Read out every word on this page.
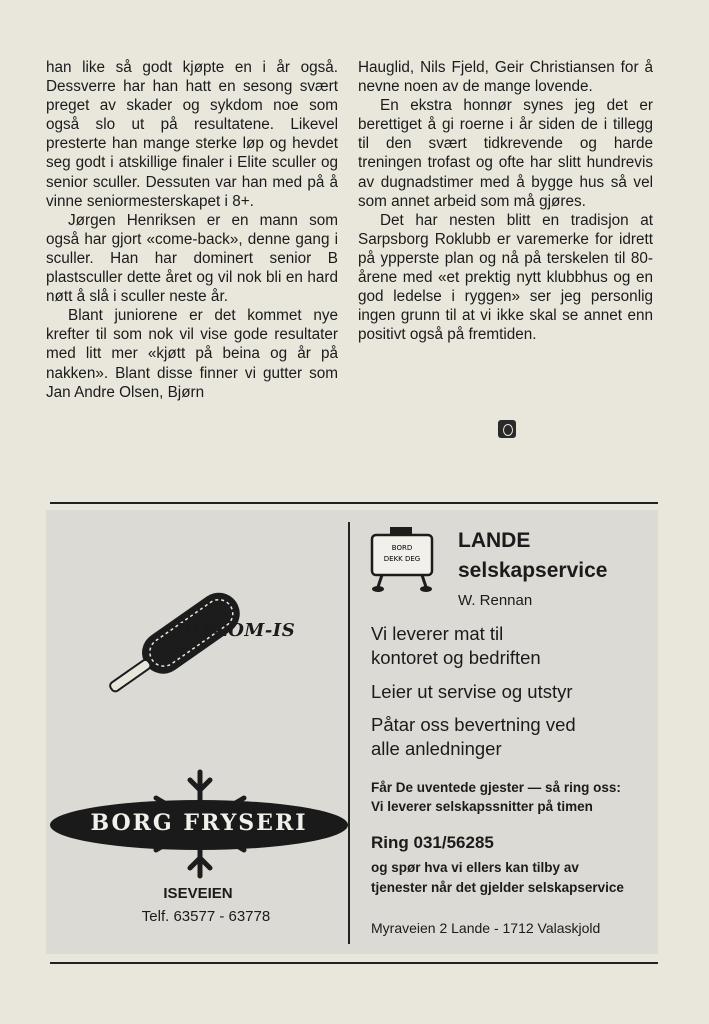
han like så godt kjøpte en i år også. Dessverre har han hatt en sesong svært preget av skader og sykdom noe som også slo ut på resultatene. Likevel presterte han mange sterke løp og hevdet seg godt i atskillige finaler i Elite sculler og senior sculler. Dessuten var han med på å vinne seniormesterskapet i 8+.

Jørgen Henriksen er en mann som også har gjort «come-back», denne gang i sculler. Han har dominert senior B plastsculler dette året og vil nok bli en hard nøtt å slå i sculler neste år.

Blant juniorene er det kommet nye krefter til som nok vil vise gode resultater med litt mer «kjøtt på beina og år på nakken». Blant disse finner vi gutter som Jan Andre Olsen, Bjørn

Hauglid, Nils Fjeld, Geir Christiansen for å nevne noen av de mange lovende.

En ekstra honnør synes jeg det er berettiget å gi roerne i år siden de i tillegg til den svært tidkrevende og harde treningen trofast og ofte har slitt hundrevis av dugnadstimer med å bygge hus så vel som annet arbeid som må gjøres.

Det har nesten blitt en tradisjon at Sarpsborg Roklubb er varemerke for idrett på ypperste plan og nå på terskelen til 80-årene med «et prektig nytt klubbhus og en god ledelse i ryggen» ser jeg personlig ingen grunn til at vi ikke skal se annet enn positivt også på fremtiden.

DIPLOM-IS
BORG FRYSERI
ISEVEIEN
Telf. 63577 - 63778
BORD
DEKK DEG
LANDE
selskapservice
W. Rennan
Vi leverer mat til
kontoret og bedriften
Leier ut servise og utstyr
Påtar oss bevertning ved
alle anledninger
Får De uventede gjester — så ring oss:
Vi leverer selskapssnitter på timen
Ring 031/56285
og spør hva vi ellers kan tilby av
tjenester når det gjelder selskapservice
Myraveien 2 Lande - 1712 Valaskjold
